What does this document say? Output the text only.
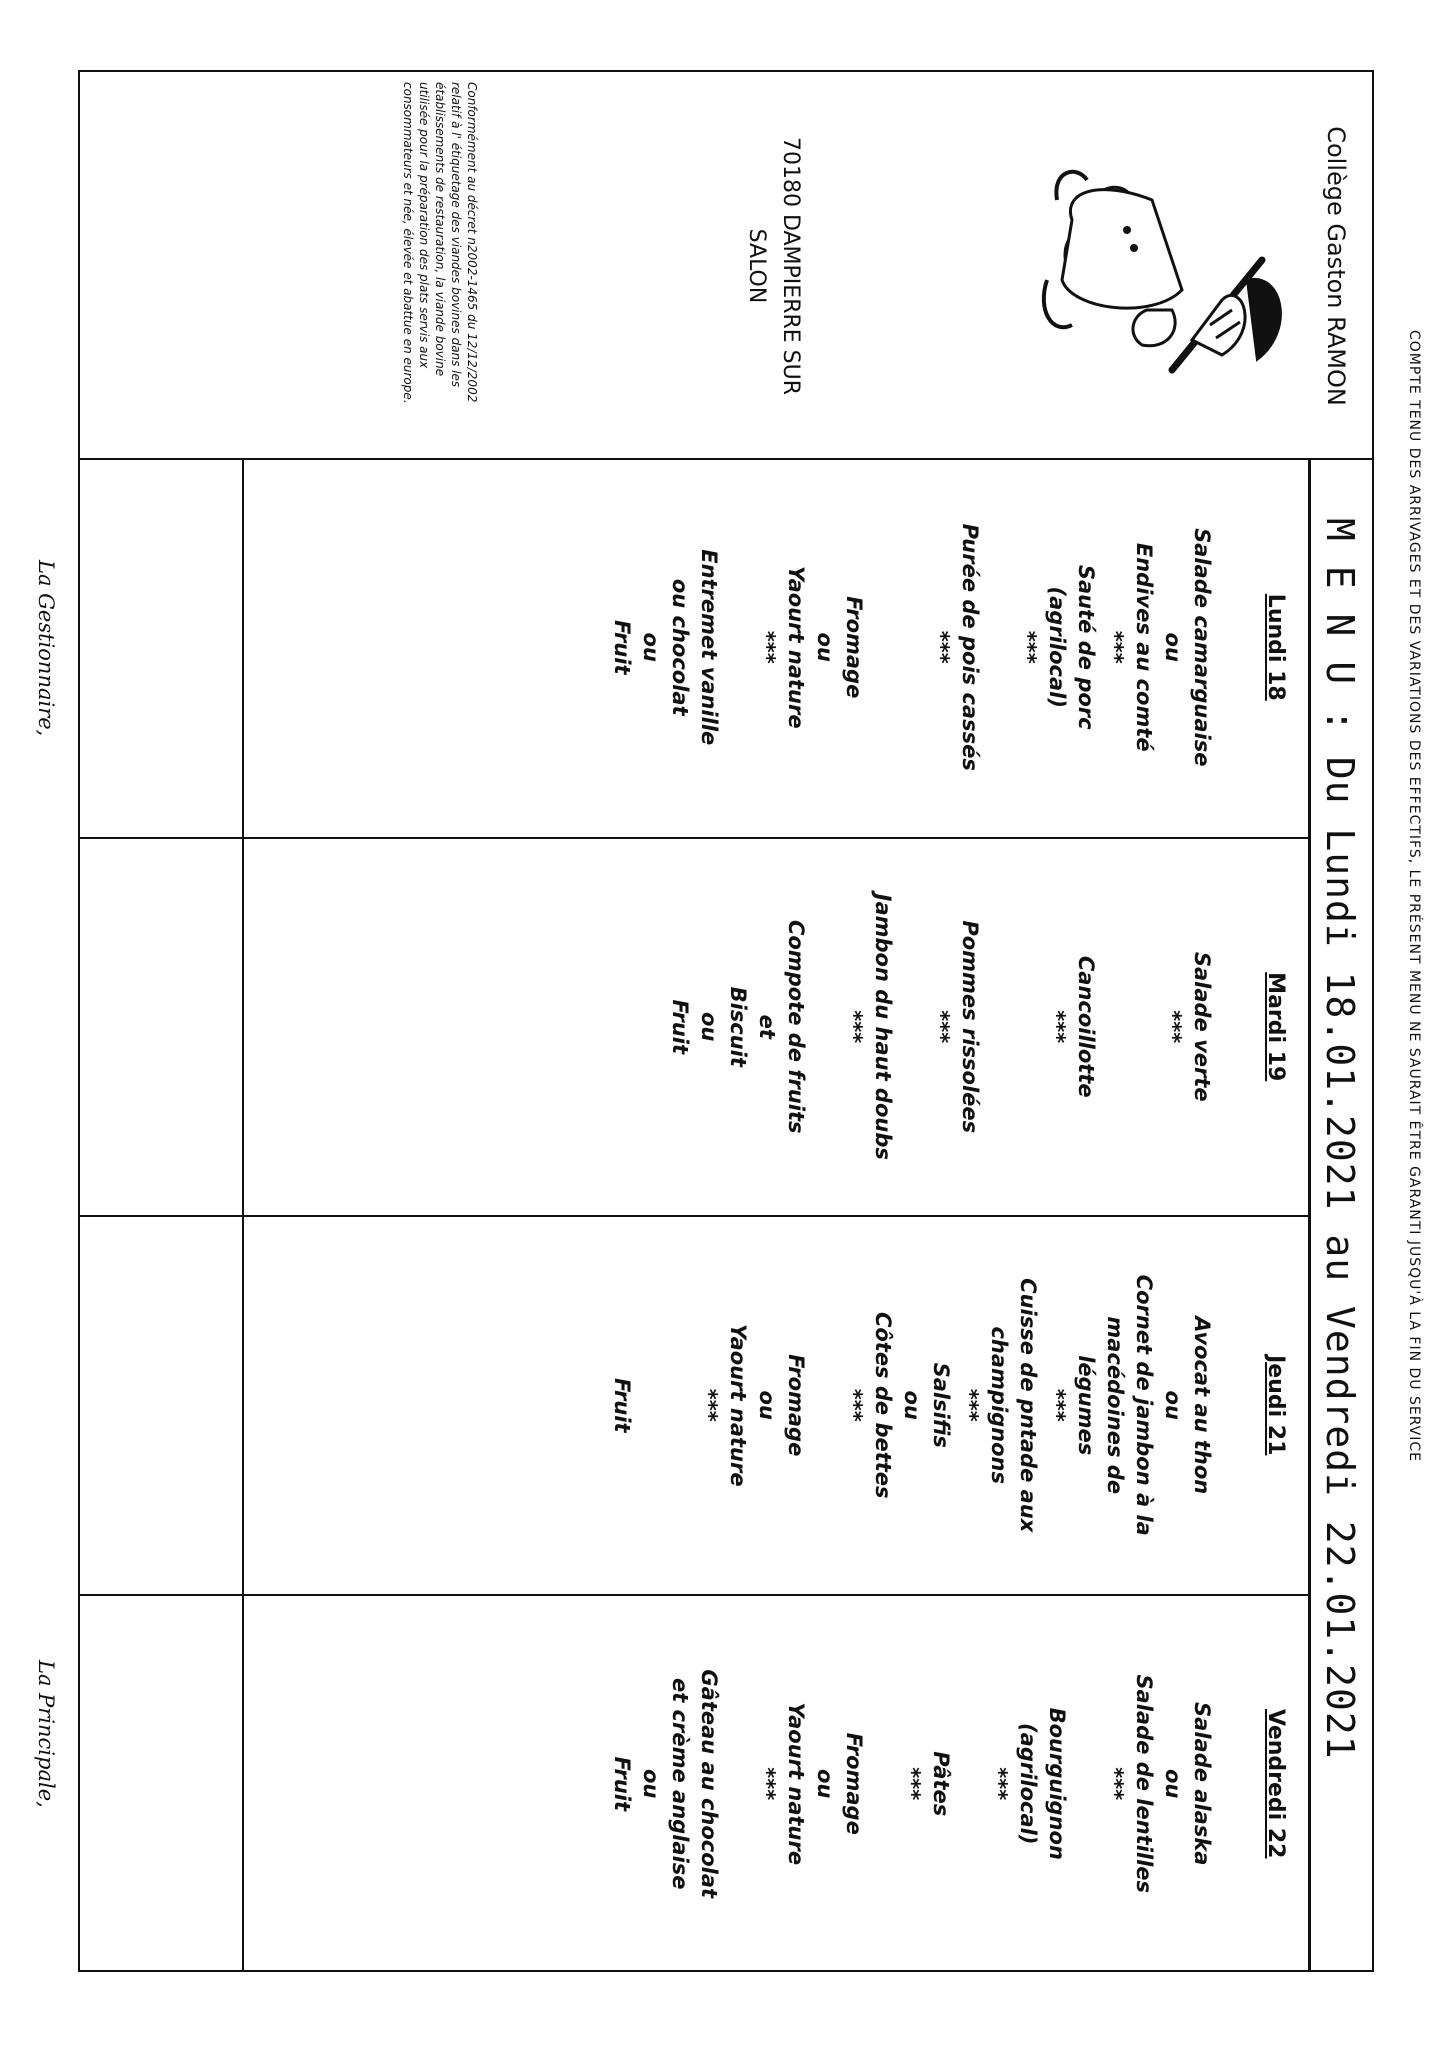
COMPTE TENU DES ARRIVAGES ET DES VARIATIONS DES EFFECTIFS, LE PRÉSENT MENU NE SAURAIT ÊTRE GARANTI JUSQU'À LA FIN DU SERVICE
Collège Gaston RAMON
70180 DAMPIERRE SUR
SALON
Conformément au décret n2002-1465 du 12/12/2002 relatif à l' étiquetage des viandes bovines dans les établissements de restauration, la viande bovine utilisée pour la préparation des plats servis aux consommateurs et née, élevée et abattue en europe.
M E N U : Du Lundi 18.01.2021 au Vendredi 22.01.2021
Lundi 18
Salade camarguaise
ou
Endives au comté
***
Sauté de porc
(agrilocal)
***
Purée de pois cassés
***
Fromage
ou
Yaourt nature
***
Entremet vanille
ou chocolat
ou
Fruit
Mardi 19
Salade verte
***
Cancoillotte
***
Pommes rissolées
***
Jambon du haut doubs
***
Compote de fruits
et
Biscuit
ou
Fruit
Jeudi 21
Avocat au thon
ou
Cornet de jambon à la
macédoines de
légumes
***
Cuisse de pntade aux
champignons
***
Salsifis
ou
Côtes de bettes
***
Fromage
ou
Yaourt nature
***
Fruit
Vendredi 22
Salade alaska
ou
Salade de lentilles
***
Bourguignon
(agrilocal)
***
Pâtes
***
Fromage
ou
Yaourt nature
***
Gâteau au chocolat
et crème anglaise
ou
Fruit
La Gestionnaire,
La Principale,
